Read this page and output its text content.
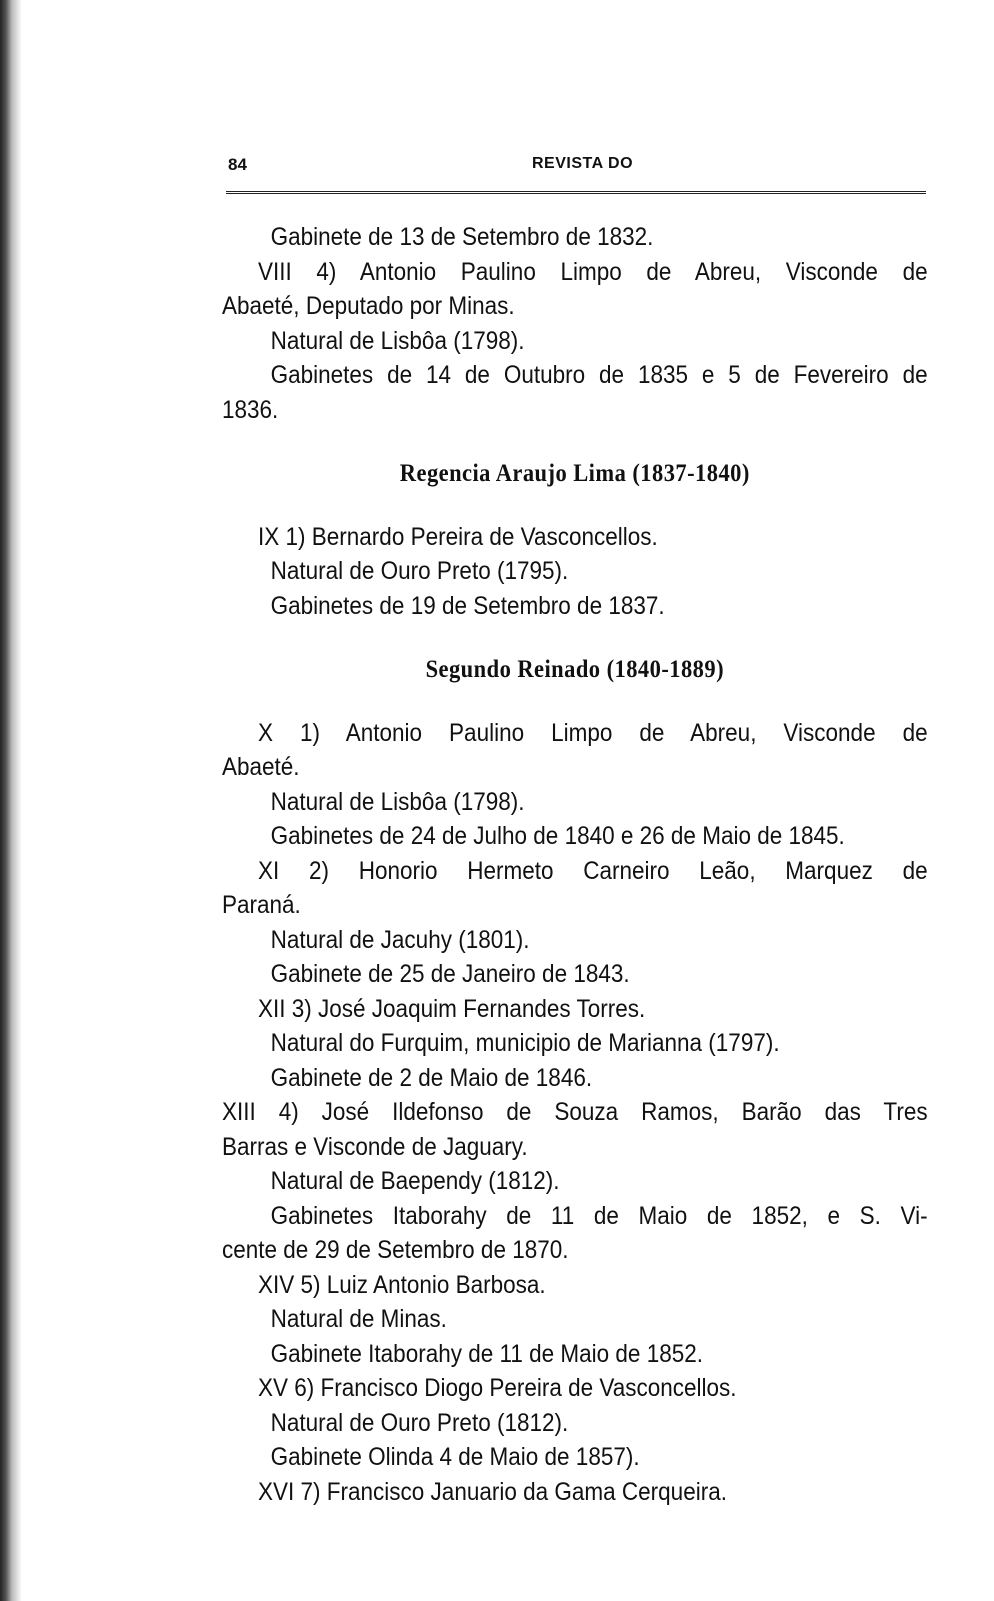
84	REVISTA DO
Gabinete de 13 de Setembro de 1832.
VIII 4) Antonio Paulino Limpo de Abreu, Visconde de
Abaeté, Deputado por Minas.
Natural de Lisbôa (1798).
Gabinetes de 14 de Outubro de 1835 e 5 de Fevereiro de
1836.
Regencia Araujo Lima (1837-1840)
IX 1) Bernardo Pereira de Vasconcellos.
Natural de Ouro Preto (1795).
Gabinetes de 19 de Setembro de 1837.
Segundo Reinado (1840-1889)
X 1) Antonio Paulino Limpo de Abreu, Visconde de
Abaeté.
Natural de Lisbôa (1798).
Gabinetes de 24 de Julho de 1840 e 26 de Maio de 1845.
XI 2) Honorio Hermeto Carneiro Leão, Marquez de
Paraná.
Natural de Jacuhy (1801).
Gabinete de 25 de Janeiro de 1843.
XII 3) José Joaquim Fernandes Torres.
Natural do Furquim, municipio de Marianna (1797).
Gabinete de 2 de Maio de 1846.
XIII 4) José Ildefonso de Souza Ramos, Barão das Tres
Barras e Visconde de Jaguary.
Natural de Baependy (1812).
Gabinetes Itaborahy de 11 de Maio de 1852, e S. Vi-
cente de 29 de Setembro de 1870.
XIV 5) Luiz Antonio Barbosa.
Natural de Minas.
Gabinete Itaborahy de 11 de Maio de 1852.
XV 6) Francisco Diogo Pereira de Vasconcellos.
Natural de Ouro Preto (1812).
Gabinete Olinda 4 de Maio de 1857).
XVI 7) Francisco Januario da Gama Cerqueira.
